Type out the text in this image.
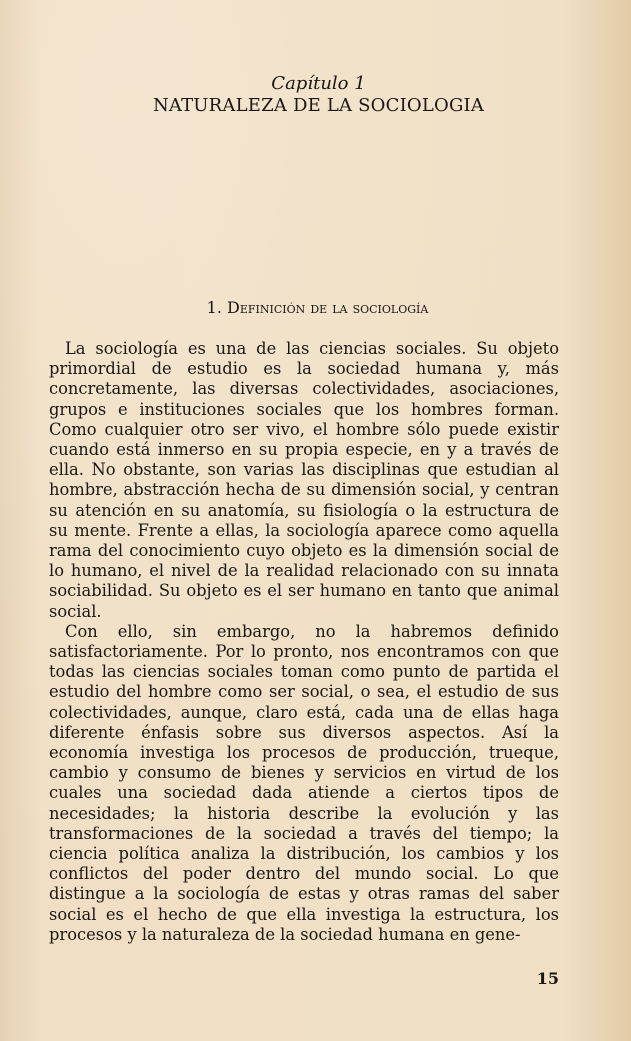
Capítulo 1
NATURALEZA DE LA SOCIOLOGIA
1. Definición de la sociología

La sociología es una de las ciencias sociales. Su objeto primordial de estudio es la sociedad humana y, más concretamente, las diversas colectividades, asociaciones, grupos e instituciones sociales que los hombres forman. Como cualquier otro ser vivo, el hombre sólo puede existir cuando está inmerso en su propia especie, en y a través de ella. No obstante, son varias las disciplinas que estudian al hombre, abstracción hecha de su dimensión social, y centran su atención en su anatomía, su fisiología o la estructura de su mente. Frente a ellas, la sociología aparece como aquella rama del conocimiento cuyo objeto es la dimensión social de lo humano, el nivel de la realidad relacionado con su innata sociabilidad. Su objeto es el ser humano en tanto que animal social.

Con ello, sin embargo, no la habremos definido satisfactoriamente. Por lo pronto, nos encontramos con que todas las ciencias sociales toman como punto de partida el estudio del hombre como ser social, o sea, el estudio de sus colectividades, aunque, claro está, cada una de ellas haga diferente énfasis sobre sus diversos aspectos. Así la economía investiga los procesos de producción, trueque, cambio y consumo de bienes y servicios en virtud de los cuales una sociedad dada atiende a ciertos tipos de necesidades; la historia describe la evolución y las transformaciones de la sociedad a través del tiempo; la ciencia política analiza la distribución, los cambios y los conflictos del poder dentro del mundo social. Lo que distingue a la sociología de estas y otras ramas del saber social es el hecho de que ella investiga la estructura, los procesos y la naturaleza de la sociedad humana en gene-

15
